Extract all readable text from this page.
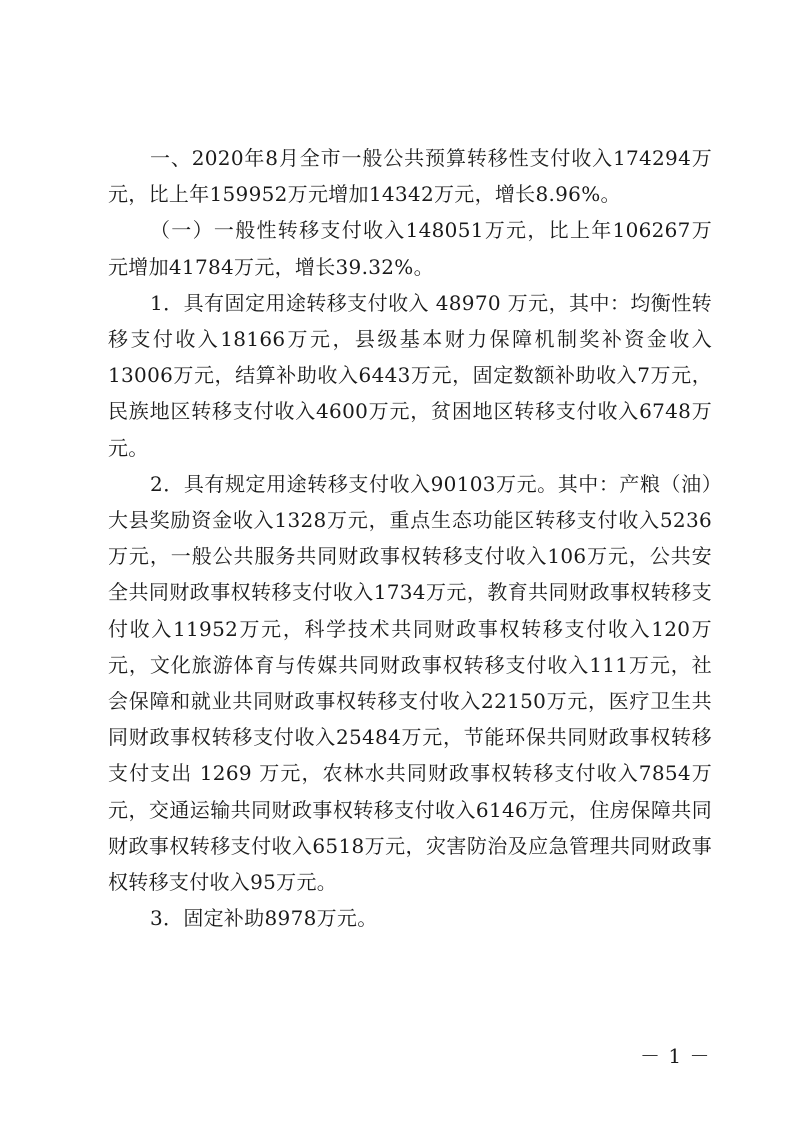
一、2020年8月全市一般公共预算转移性支付收入174294万元，比上年159952万元增加14342万元，增长8.96%。

（一）一般性转移支付收入148051万元，比上年106267万元增加41784万元，增长39.32%。

1．具有固定用途转移支付收入 48970 万元，其中：均衡性转移支付收入18166万元，县级基本财力保障机制奖补资金收入13006万元，结算补助收入6443万元，固定数额补助收入7万元，民族地区转移支付收入4600万元，贫困地区转移支付收入6748万元。

2．具有规定用途转移支付收入90103万元。其中：产粮（油）大县奖励资金收入1328万元，重点生态功能区转移支付收入5236万元，一般公共服务共同财政事权转移支付收入106万元，公共安全共同财政事权转移支付收入1734万元，教育共同财政事权转移支付收入11952万元，科学技术共同财政事权转移支付收入120万元，文化旅游体育与传媒共同财政事权转移支付收入111万元，社会保障和就业共同财政事权转移支付收入22150万元，医疗卫生共同财政事权转移支付收入25484万元，节能环保共同财政事权转移支付支出 1269 万元，农林水共同财政事权转移支付收入7854万元，交通运输共同财政事权转移支付收入6146万元，住房保障共同财政事权转移支付收入6518万元，灾害防治及应急管理共同财政事权转移支付收入95万元。

3．固定补助8978万元。

－ 1 －
